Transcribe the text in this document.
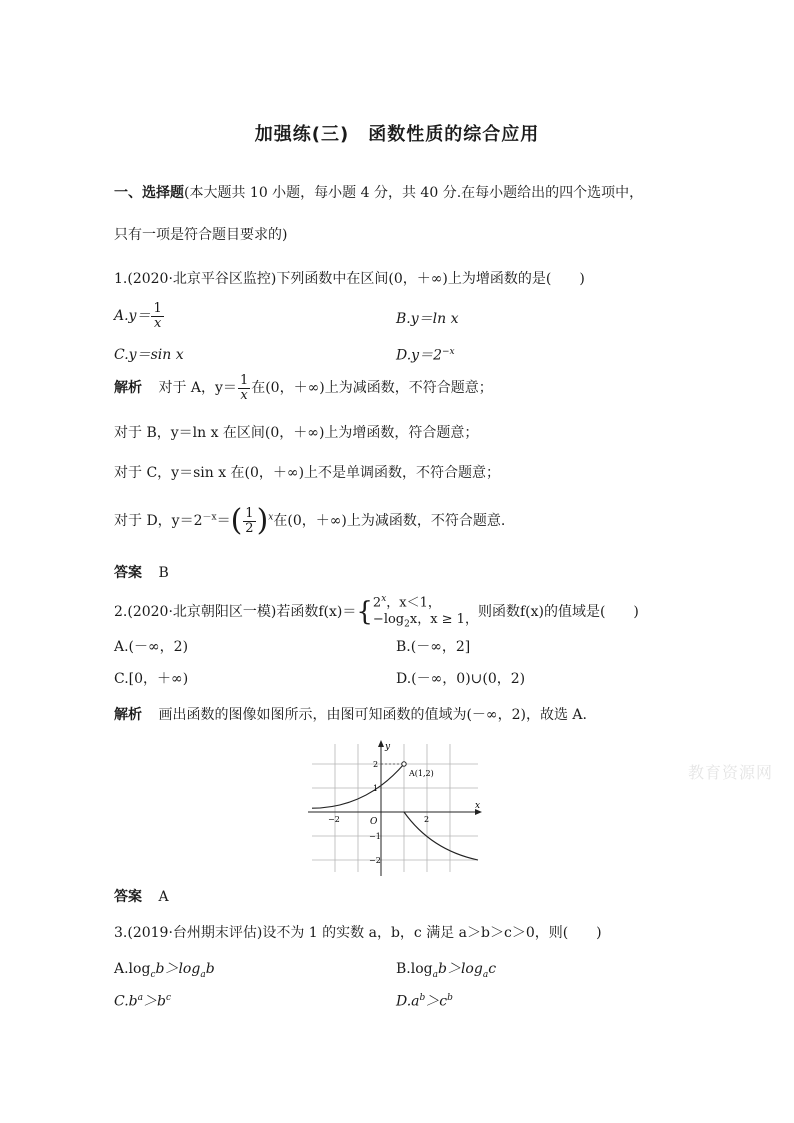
加强练(三)　函数性质的综合应用
一、选择题(本大题共 10 小题，每小题 4 分，共 40 分.在每小题给出的四个选项中，
只有一项是符合题目要求的)
1.(2020·北京平谷区监控)下列函数中在区间(0，＋∞)上为增函数的是(　　)
$A.y= \frac{1}{x}$	B.y＝ln x
C.y＝sin x	$D.y=2^{-x}$
解析 对于 A，$y= \frac{1}{x}$ 在(0，＋∞)上为减函数，不符合题意；
对于 B，y＝ln x 在区间(0，＋∞)上为增函数，符合题意；
对于 C，y＝sin x 在(0，＋∞)上不是单调函数，不符合题意；
对于 D，$y=2^{-x}=( \frac{1}{2} )^x$在(0，＋∞)上为减函数，不符合题意.
答案 B
2.(2020·北京朝阳区一模)若函数f(x)＝{ 2$^x$，x＜1，
$-\log_2x$，x ≥ 1， 则函数f(x)的值域是(　　)
A.(－∞，2)	B.(－∞，2]
C.[0，＋∞)	D.(－∞，0)∪(0，2)
解析 画出函数的图像如图所示，由图可知函数的值域为(－∞，2)，故选 A.
x
y
O
−2	2
2
1
−1
−2
A(1,2)	教育资源网
答案 A
3.(2019·台州期末评估)设不为 1 的实数 a，b，c 满足 a＞b＞c＞0，则(　　)
$A.\log_cb>\log_ab$	$B.\log_ab>\log_ac$
$C.b^a>b^c$	$D.a^b>c^b$
